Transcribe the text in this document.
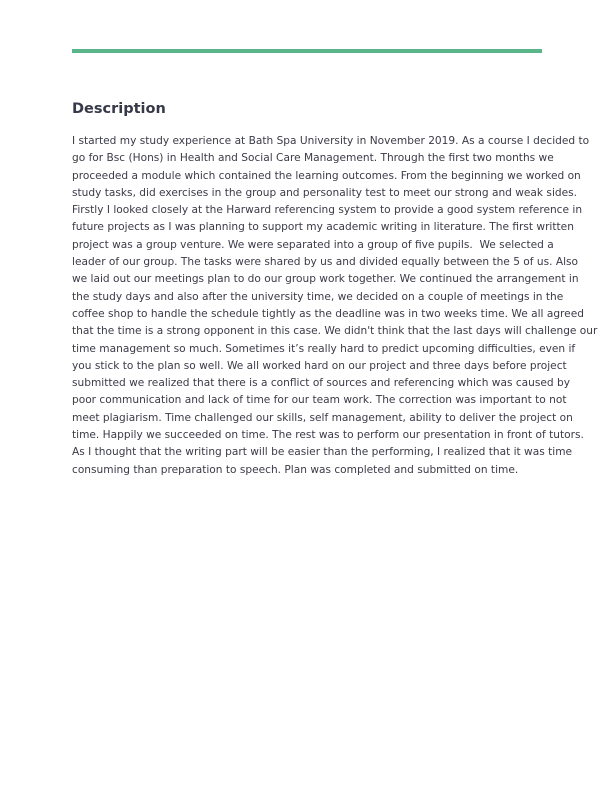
Description
I started my study experience at Bath Spa University in November 2019. As a course I decided to
go for Bsc (Hons) in Health and Social Care Management. Through the first two months we
proceeded a module which contained the learning outcomes. From the beginning we worked on
study tasks, did exercises in the group and personality test to meet our strong and weak sides.
Firstly I looked closely at the Harward referencing system to provide a good system reference in
future projects as I was planning to support my academic writing in literature. The first written
project was a group venture. We were separated into a group of five pupils.  We selected a
leader of our group. The tasks were shared by us and divided equally between the 5 of us. Also
we laid out our meetings plan to do our group work together. We continued the arrangement in
the study days and also after the university time, we decided on a couple of meetings in the
coffee shop to handle the schedule tightly as the deadline was in two weeks time. We all agreed
that the time is a strong opponent in this case. We didn't think that the last days will challenge our
time management so much. Sometimes it’s really hard to predict upcoming difficulties, even if
you stick to the plan so well. We all worked hard on our project and three days before project
submitted we realized that there is a conflict of sources and referencing which was caused by
poor communication and lack of time for our team work. The correction was important to not
meet plagiarism. Time challenged our skills, self management, ability to deliver the project on
time. Happily we succeeded on time. The rest was to perform our presentation in front of tutors.
As I thought that the writing part will be easier than the performing, I realized that it was time
consuming than preparation to speech. Plan was completed and submitted on time.
